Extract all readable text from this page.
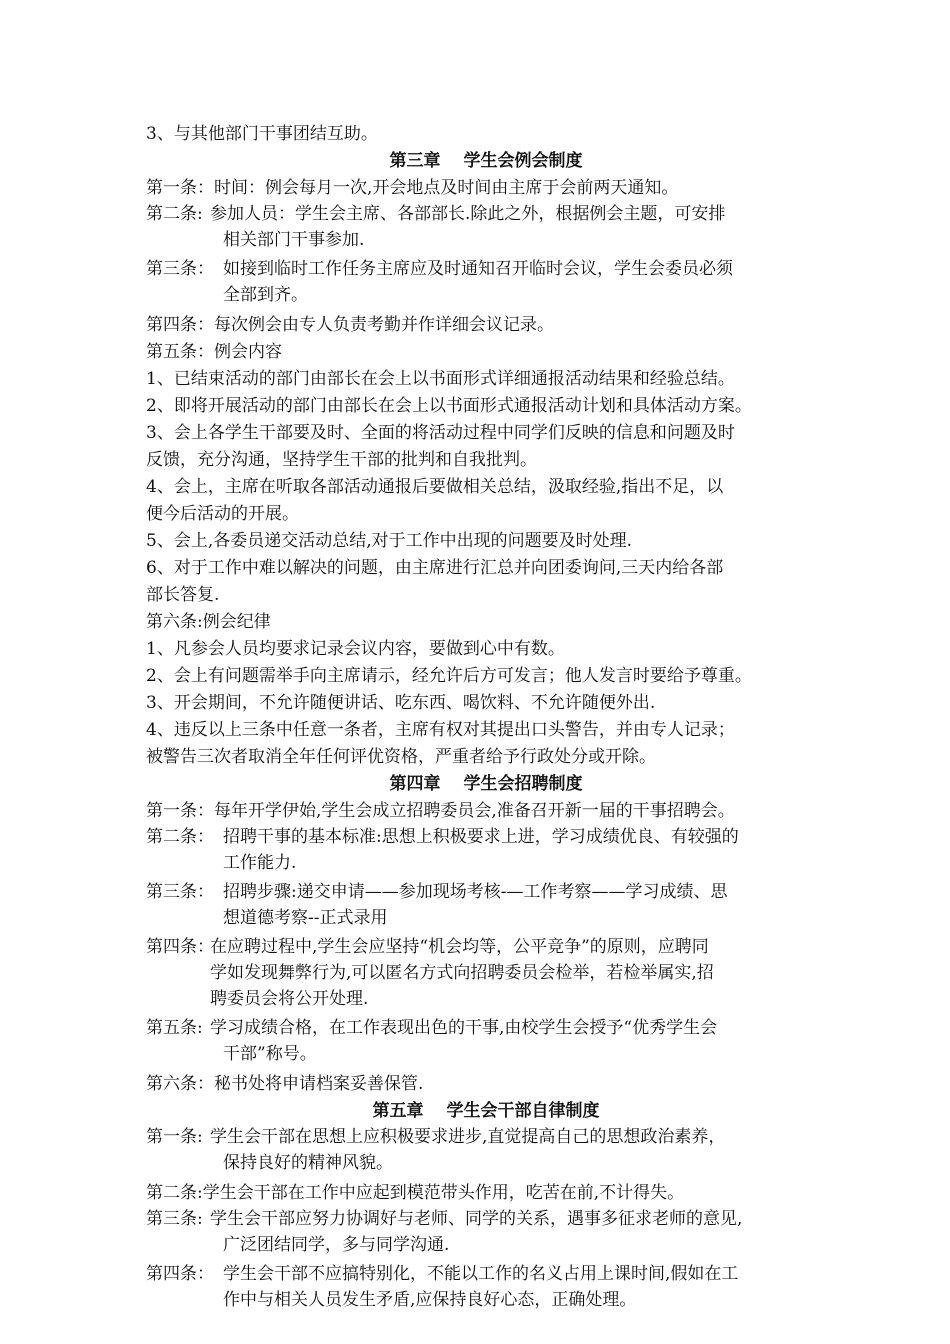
3、与其他部门干事团结互助。
第三章　 学生会例会制度
第一条：时间：例会每月一次,开会地点及时间由主席于会前两天通知。
第二条: 参加人员：学生会主席、各部部长.除此之外，根据例会主题，可安排
相关部门干事参加.
第三条： 如接到临时工作任务主席应及时通知召开临时会议，学生会委员必须
全部到齐。
第四条：每次例会由专人负责考勤并作详细会议记录。
第五条：例会内容
1、已结束活动的部门由部长在会上以书面形式详细通报活动结果和经验总结。
2、即将开展活动的部门由部长在会上以书面形式通报活动计划和具体活动方案。
3、会上各学生干部要及时、全面的将活动过程中同学们反映的信息和问题及时
反馈，充分沟通，坚持学生干部的批判和自我批判。
4、会上，主席在听取各部活动通报后要做相关总结，汲取经验,指出不足，以
便今后活动的开展。
5、会上,各委员递交活动总结,对于工作中出现的问题要及时处理.
6、对于工作中难以解决的问题，由主席进行汇总并向团委询问,三天内给各部
部长答复.
第六条:例会纪律
1、凡参会人员均要求记录会议内容，要做到心中有数。
2、会上有问题需举手向主席请示，经允许后方可发言；他人发言时要给予尊重。
3、开会期间，不允许随便讲话、吃东西、喝饮料、不允许随便外出.
4、违反以上三条中任意一条者，主席有权对其提出口头警告，并由专人记录；
被警告三次者取消全年任何评优资格，严重者给予行政处分或开除。
第四章　 学生会招聘制度
第一条：每年开学伊始,学生会成立招聘委员会,准备召开新一届的干事招聘会。
第二条： 招聘干事的基本标准:思想上积极要求上进，学习成绩优良、有较强的
工作能力.
第三条： 招聘步骤:递交申请——参加现场考核-—工作考察——学习成绩、思
想道德考察--正式录用
第四条：
在应聘过程中,学生会应坚持“机会均等，公平竞争”的原则，应聘同
学如发现舞弊行为,可以匿名方式向招聘委员会检举，若检举属实,招
聘委员会将公开处理.
第五条: 学习成绩合格，在工作表现出色的干事,由校学生会授予“优秀学生会
干部”称号。
第六条：秘书处将申请档案妥善保管.
第五章　 学生会干部自律制度
第一条: 学生会干部在思想上应积极要求进步,直觉提高自己的思想政治素养，
保持良好的精神风貌。
第二条:学生会干部在工作中应起到模范带头作用，吃苦在前,不计得失。
第三条: 学生会干部应努力协调好与老师、同学的关系，遇事多征求老师的意见,
广泛团结同学，多与同学沟通.
第四条： 学生会干部不应搞特别化，不能以工作的名义占用上课时间,假如在工
作中与相关人员发生矛盾,应保持良好心态，正确处理。
